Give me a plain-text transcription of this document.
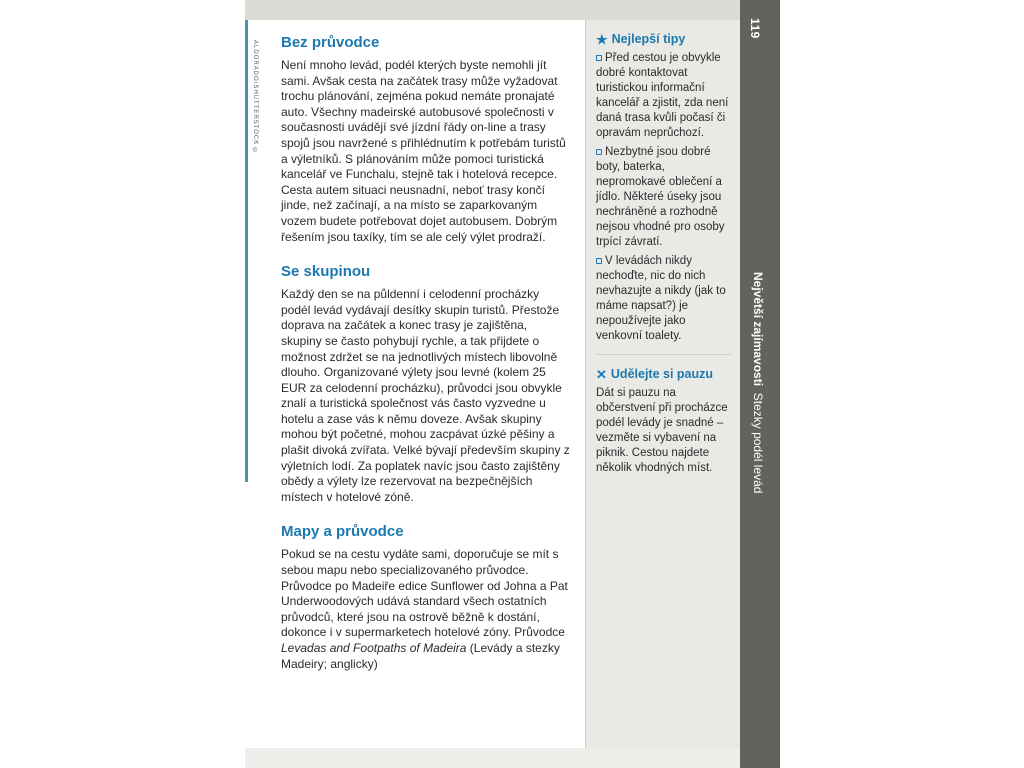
ALDORADO/SHUTTERSTOCK © Bez průvodce

Není mnoho levád, podél kterých byste nemohli jít sami. Avšak cesta na začátek trasy může vyžadovat trochu plánování, zejména pokud nemáte pronajaté auto. Všechny madeirské autobusové společnosti v současnosti uvádějí své jízdní řády on-line a trasy spojů jsou navržené s přihlédnutím k potřebám turistů a výletníků. S plánováním může pomoci turistická kancelář ve Funchalu, stejně tak i hotelová recepce. Cesta autem situaci neusnadní, neboť trasy končí jinde, než začínají, a na místo se zaparkovaným vozem budete potřebovat dojet autobusem. Dobrým řešením jsou taxíky, tím se ale celý výlet prodraží.

Se skupinou

Každý den se na půldenní i celodenní procházky podél levád vydávají desítky skupin turistů. Přestože doprava na začátek a konec trasy je zajištěna, skupiny se často pohybují rychle, a tak přijdete o možnost zdržet se na jednotlivých místech libovolně dlouho. Organizované výlety jsou levné (kolem 25 EUR za celodenní procházku), průvodci jsou obvykle znalí a turistická společnost vás často vyzvedne u hotelu a zase vás k němu doveze. Avšak skupiny mohou být početné, mohou zacpávat úzké pěšiny a plašit divoká zvířata. Velké bývají především skupiny z výletních lodí. Za poplatek navíc jsou často zajištěny obědy a výlety lze rezervovat na bezpečnějších místech v hotelové zóně.

Mapy a průvodce

Pokud se na cestu vydáte sami, doporučuje se mít s sebou mapu nebo specializovaného průvodce. Průvodce po Madeiře edice Sunflower od Johna a Pat Underwoodových udává standard všech ostatních průvodců, které jsou na ostrově běžně k dostání, dokonce i v supermarketech hotelové zóny. Průvodce Levadas and Footpaths of Madeira (Levády a stezky Madeiry; anglicky)

★ Nejlepší tipy

Před cestou je obvykle dobré kontaktovat turistickou informační kancelář a zjistit, zda není daná trasa kvůli počasí či opravám neprůchozí.

Nezbytné jsou dobré boty, baterka, nepromokavé oblečení a jídlo. Některé úseky jsou nechráněné a rozhodně nejsou vhodné pro osoby trpící závratí.

V levádách nikdy nechoďte, nic do nich nevhazujte a nikdy (jak to máme napsat?) je nepoužívejte jako venkovní toalety.

✕ Udělejte si pauzu

Dát si pauzu na občerstvení při procházce podél levády je snadné – vezměte si vybavení na piknik. Cestou najdete několik vhodných míst.

119
Největší zajímavosti  Stezky podél levád
